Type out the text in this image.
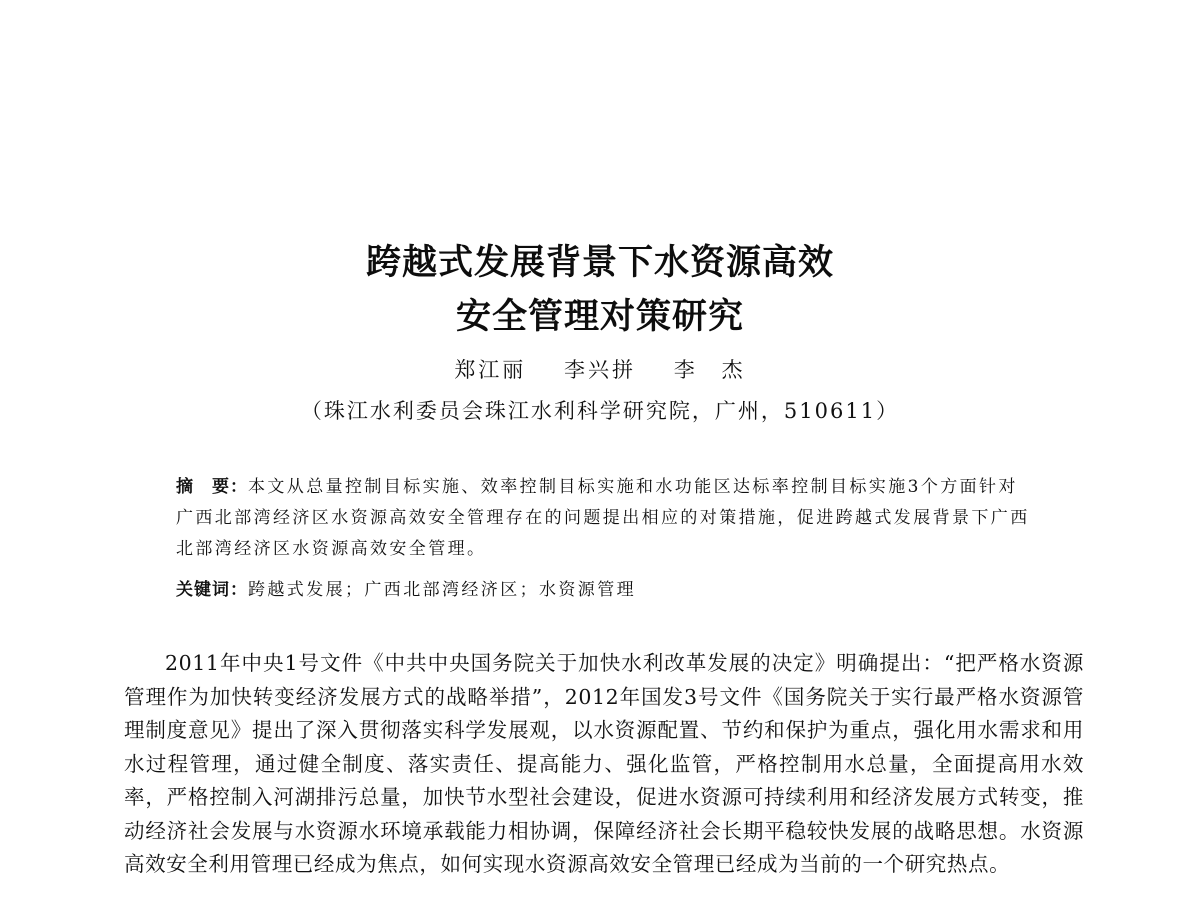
跨越式发展背景下水资源高效
安全管理对策研究
郑江丽 李兴拼 李　杰
（珠江水利委员会珠江水利科学研究院，广州，510611）
摘 要：本文从总量控制目标实施、效率控制目标实施和水功能区达标率控制目标实施3个方面针对广西北部湾经济区水资源高效安全管理存在的问题提出相应的对策措施，促进跨越式发展背景下广西北部湾经济区水资源高效安全管理。
关键词：跨越式发展；广西北部湾经济区；水资源管理

2011年中央1号文件《中共中央国务院关于加快水利改革发展的决定》明确提出：“把严格水资源管理作为加快转变经济发展方式的战略举措”，2012年国发3号文件《国务院关于实行最严格水资源管理制度意见》提出了深入贯彻落实科学发展观，以水资源配置、节约和保护为重点，强化用水需求和用水过程管理，通过健全制度、落实责任、提高能力、强化监管，严格控制用水总量，全面提高用水效率，严格控制入河湖排污总量，加快节水型社会建设，促进水资源可持续利用和经济发展方式转变，推动经济社会发展与水资源水环境承载能力相协调，保障经济社会长期平稳较快发展的战略思想。水资源高效安全利用管理已经成为焦点，如何实现水资源高效安全管理已经成为当前的一个研究热点。
